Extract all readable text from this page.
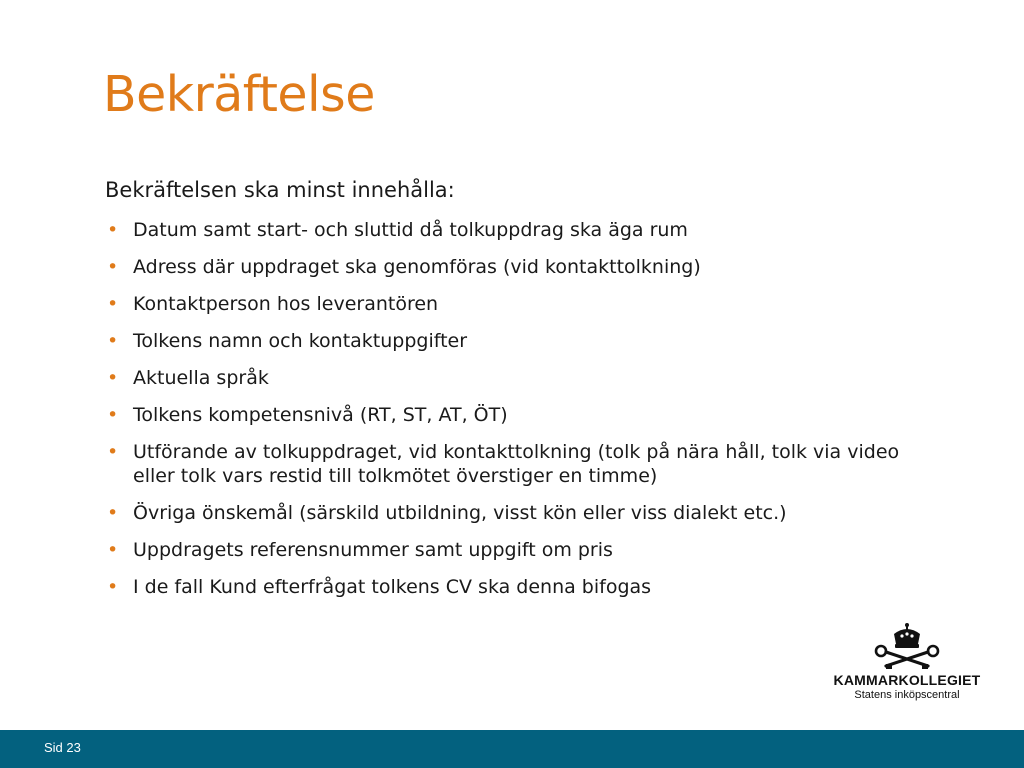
Bekräftelse
Bekräftelsen ska minst innehålla:
• Datum samt start- och sluttid då tolkuppdrag ska äga rum
• Adress där uppdraget ska genomföras (vid kontakttolkning)
• Kontaktperson hos leverantören
• Tolkens namn och kontaktuppgifter
• Aktuella språk
• Tolkens kompetensnivå (RT, ST, AT, ÖT)
• Utförande av tolkuppdraget, vid kontakttolkning (tolk på nära håll, tolk via video eller tolk vars restid till tolkmötet överstiger en timme)
• Övriga önskemål (särskild utbildning, visst kön eller viss dialekt etc.)
• Uppdragets referensnummer samt uppgift om pris
• I de fall Kund efterfrågat tolkens CV ska denna bifogas
KAMMARKOLLEGIET
Statens inköpscentral
Sid 23
